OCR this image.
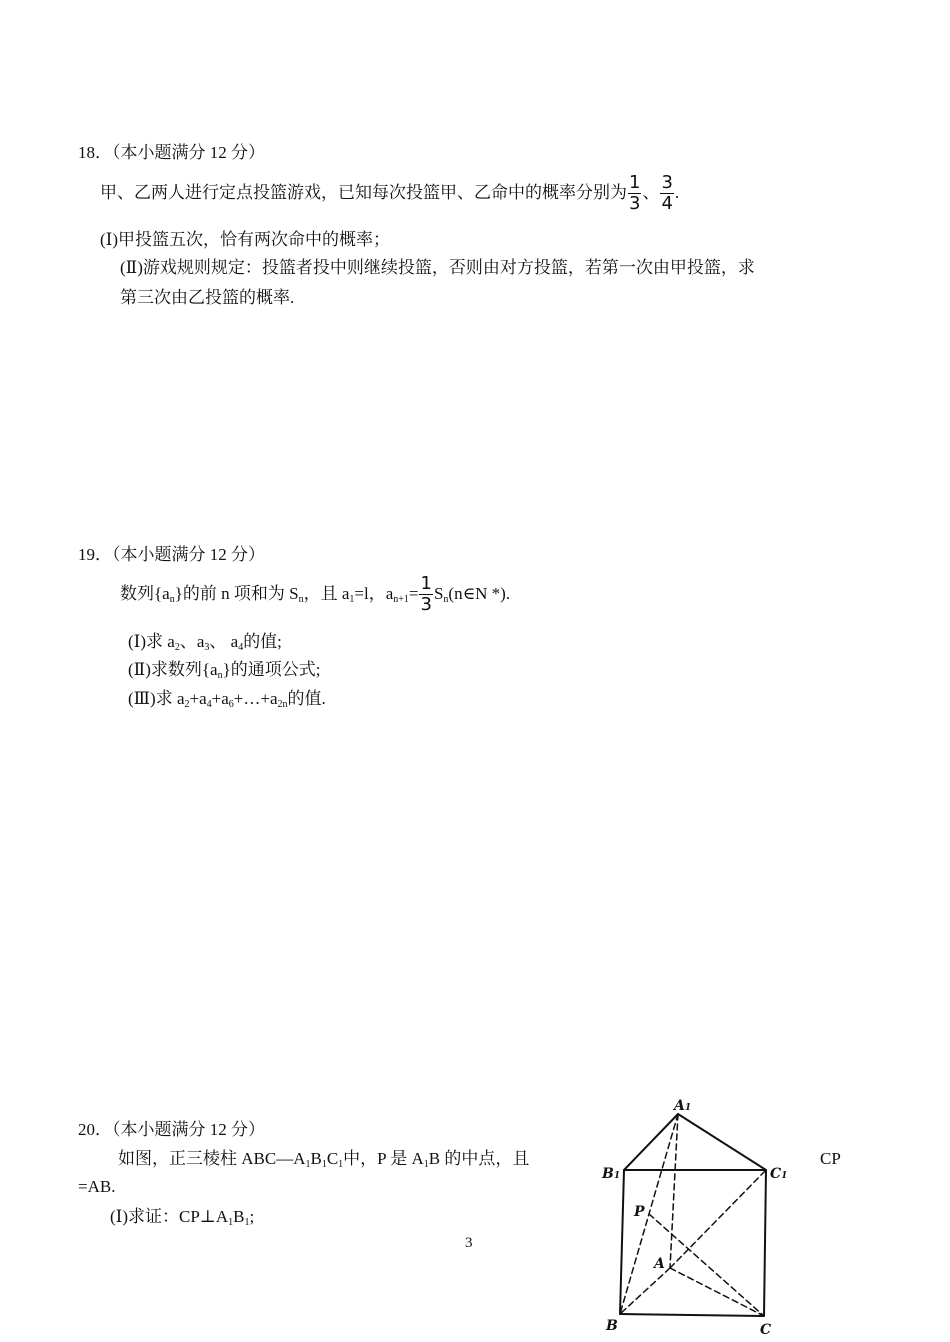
18．（本小题满分 12 分）
甲、乙两人进行定点投篮游戏，已知每次投篮甲、乙命中的概率分别为 $\frac{1}{3}$ 、 $\frac{3}{4}$ .
(Ⅰ)甲投篮五次，恰有两次命中的概率；
(Ⅱ)游戏规则规定：投篮者投中则继续投篮，否则由对方投篮，若第一次由甲投篮，求
第三次由乙投篮的概率.
19．（本小题满分 12 分）
数列{$a_n$ }的前 n 项和为 $S_n$ ，且 $a_1 =l$，$a_{n+1} = \frac{1}{3} S_n$ (n∈N *).
(Ⅰ)求 $a_2$、$a_3$、 $a_4$的值;
(Ⅱ)求数列$\{a_n\}$的通项公式;
(Ⅲ)求 $a_2+a_4+a_6+\dots+a_{2n}$的值.
20．（本小题满分 12 分）
如图，正三棱柱 $ABC—A_1B_1C_1$中，P 是 $A_1B$ 的中点，且	CP
=AB.
(Ⅰ)求证：$CP\perp A_1B_1$;
3
A1
B1	C1
P
A
B	C
